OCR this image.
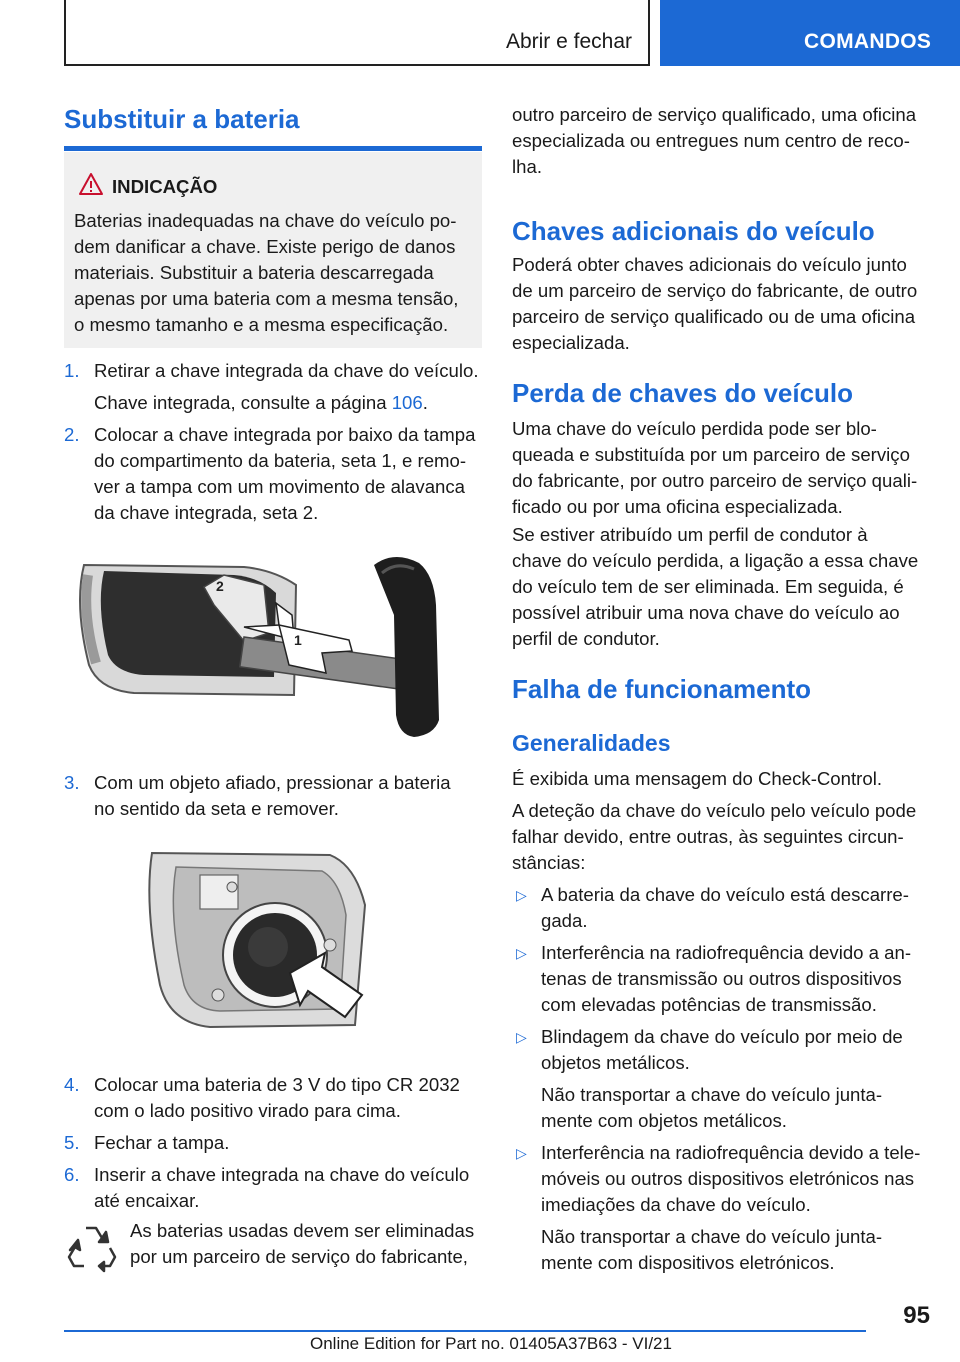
Abrir e fechar	COMANDOS
Substituir a bateria
INDICAÇÃO
Baterias inadequadas na chave do veículo po-
dem danificar a chave. Existe perigo de danos
materiais. Substituir a bateria descarregada
apenas por uma bateria com a mesma tensão,
o mesmo tamanho e a mesma especificação.
1. Retirar a chave integrada da chave do veículo.
Chave integrada, consulte a página 106.
2. Colocar a chave integrada por baixo da tampa
do compartimento da bateria, seta 1, e remo-
ver a tampa com um movimento de alavanca
da chave integrada, seta 2.
2
1
3. Com um objeto afiado, pressionar a bateria
no sentido da seta e remover.
4. Colocar uma bateria de 3 V do tipo CR 2032
com o lado positivo virado para cima.
5. Fechar a tampa.
6. Inserir a chave integrada na chave do veículo
até encaixar.
As baterias usadas devem ser eliminadas
por um parceiro de serviço do fabricante,
outro parceiro de serviço qualificado, uma oficina
especializada ou entregues num centro de reco-
lha.
Chaves adicionais do veículo
Poderá obter chaves adicionais do veículo junto
de um parceiro de serviço do fabricante, de outro
parceiro de serviço qualificado ou de uma oficina
especializada.
Perda de chaves do veículo
Uma chave do veículo perdida pode ser blo-
queada e substituída por um parceiro de serviço
do fabricante, por outro parceiro de serviço quali-
ficado ou por uma oficina especializada.
Se estiver atribuído um perfil de condutor à
chave do veículo perdida, a ligação a essa chave
do veículo tem de ser eliminada. Em seguida, é
possível atribuir uma nova chave do veículo ao
perfil de condutor.
Falha de funcionamento
Generalidades
É exibida uma mensagem do Check-Control.
A deteção da chave do veículo pelo veículo pode
falhar devido, entre outras, às seguintes circun-
stâncias:
▷ A bateria da chave do veículo está descarre-
gada.
▷ Interferência na radiofrequência devido a an-
tenas de transmissão ou outros dispositivos
com elevadas potências de transmissão.
▷ Blindagem da chave do veículo por meio de
objetos metálicos.
Não transportar a chave do veículo junta-
mente com objetos metálicos.
▷ Interferência na radiofrequência devido a tele-
móveis ou outros dispositivos eletrónicos nas
imediações da chave do veículo.
Não transportar a chave do veículo junta-
mente com dispositivos eletrónicos.
95
Online Edition for Part no. 01405A37B63 - VI/21
